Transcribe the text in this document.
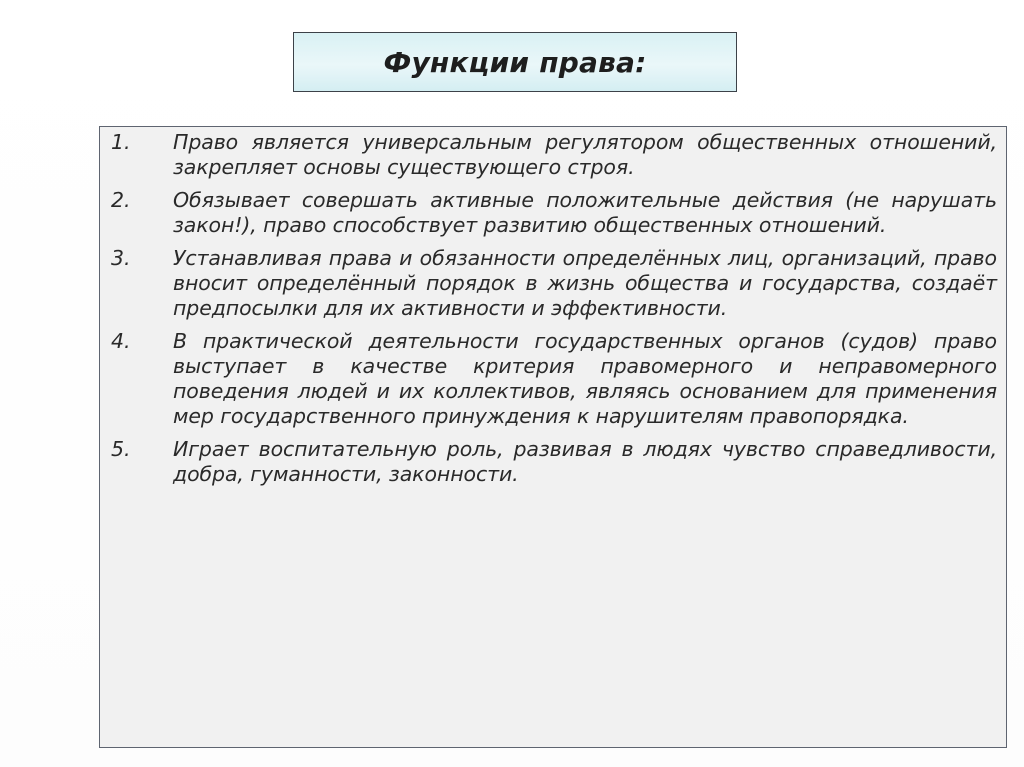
Функции права:
1. Право является универсальным регулятором общественных отношений, закрепляет основы существующего строя.
2. Обязывает совершать активные положительные действия (не нарушать закон!), право способствует развитию общественных отношений.
3. Устанавливая права и обязанности определённых лиц, организаций, право вносит определённый порядок в жизнь общества и государства, создаёт предпосылки для их активности и эффективности.
4. В практической деятельности государственных органов (судов) право выступает в качестве критерия правомерного и неправомерного поведения людей и их коллективов, являясь основанием для применения мер государственного принуждения к нарушителям правопорядка.
5. Играет воспитательную роль, развивая в людях чувство справедливости, добра, гуманности, законности.
